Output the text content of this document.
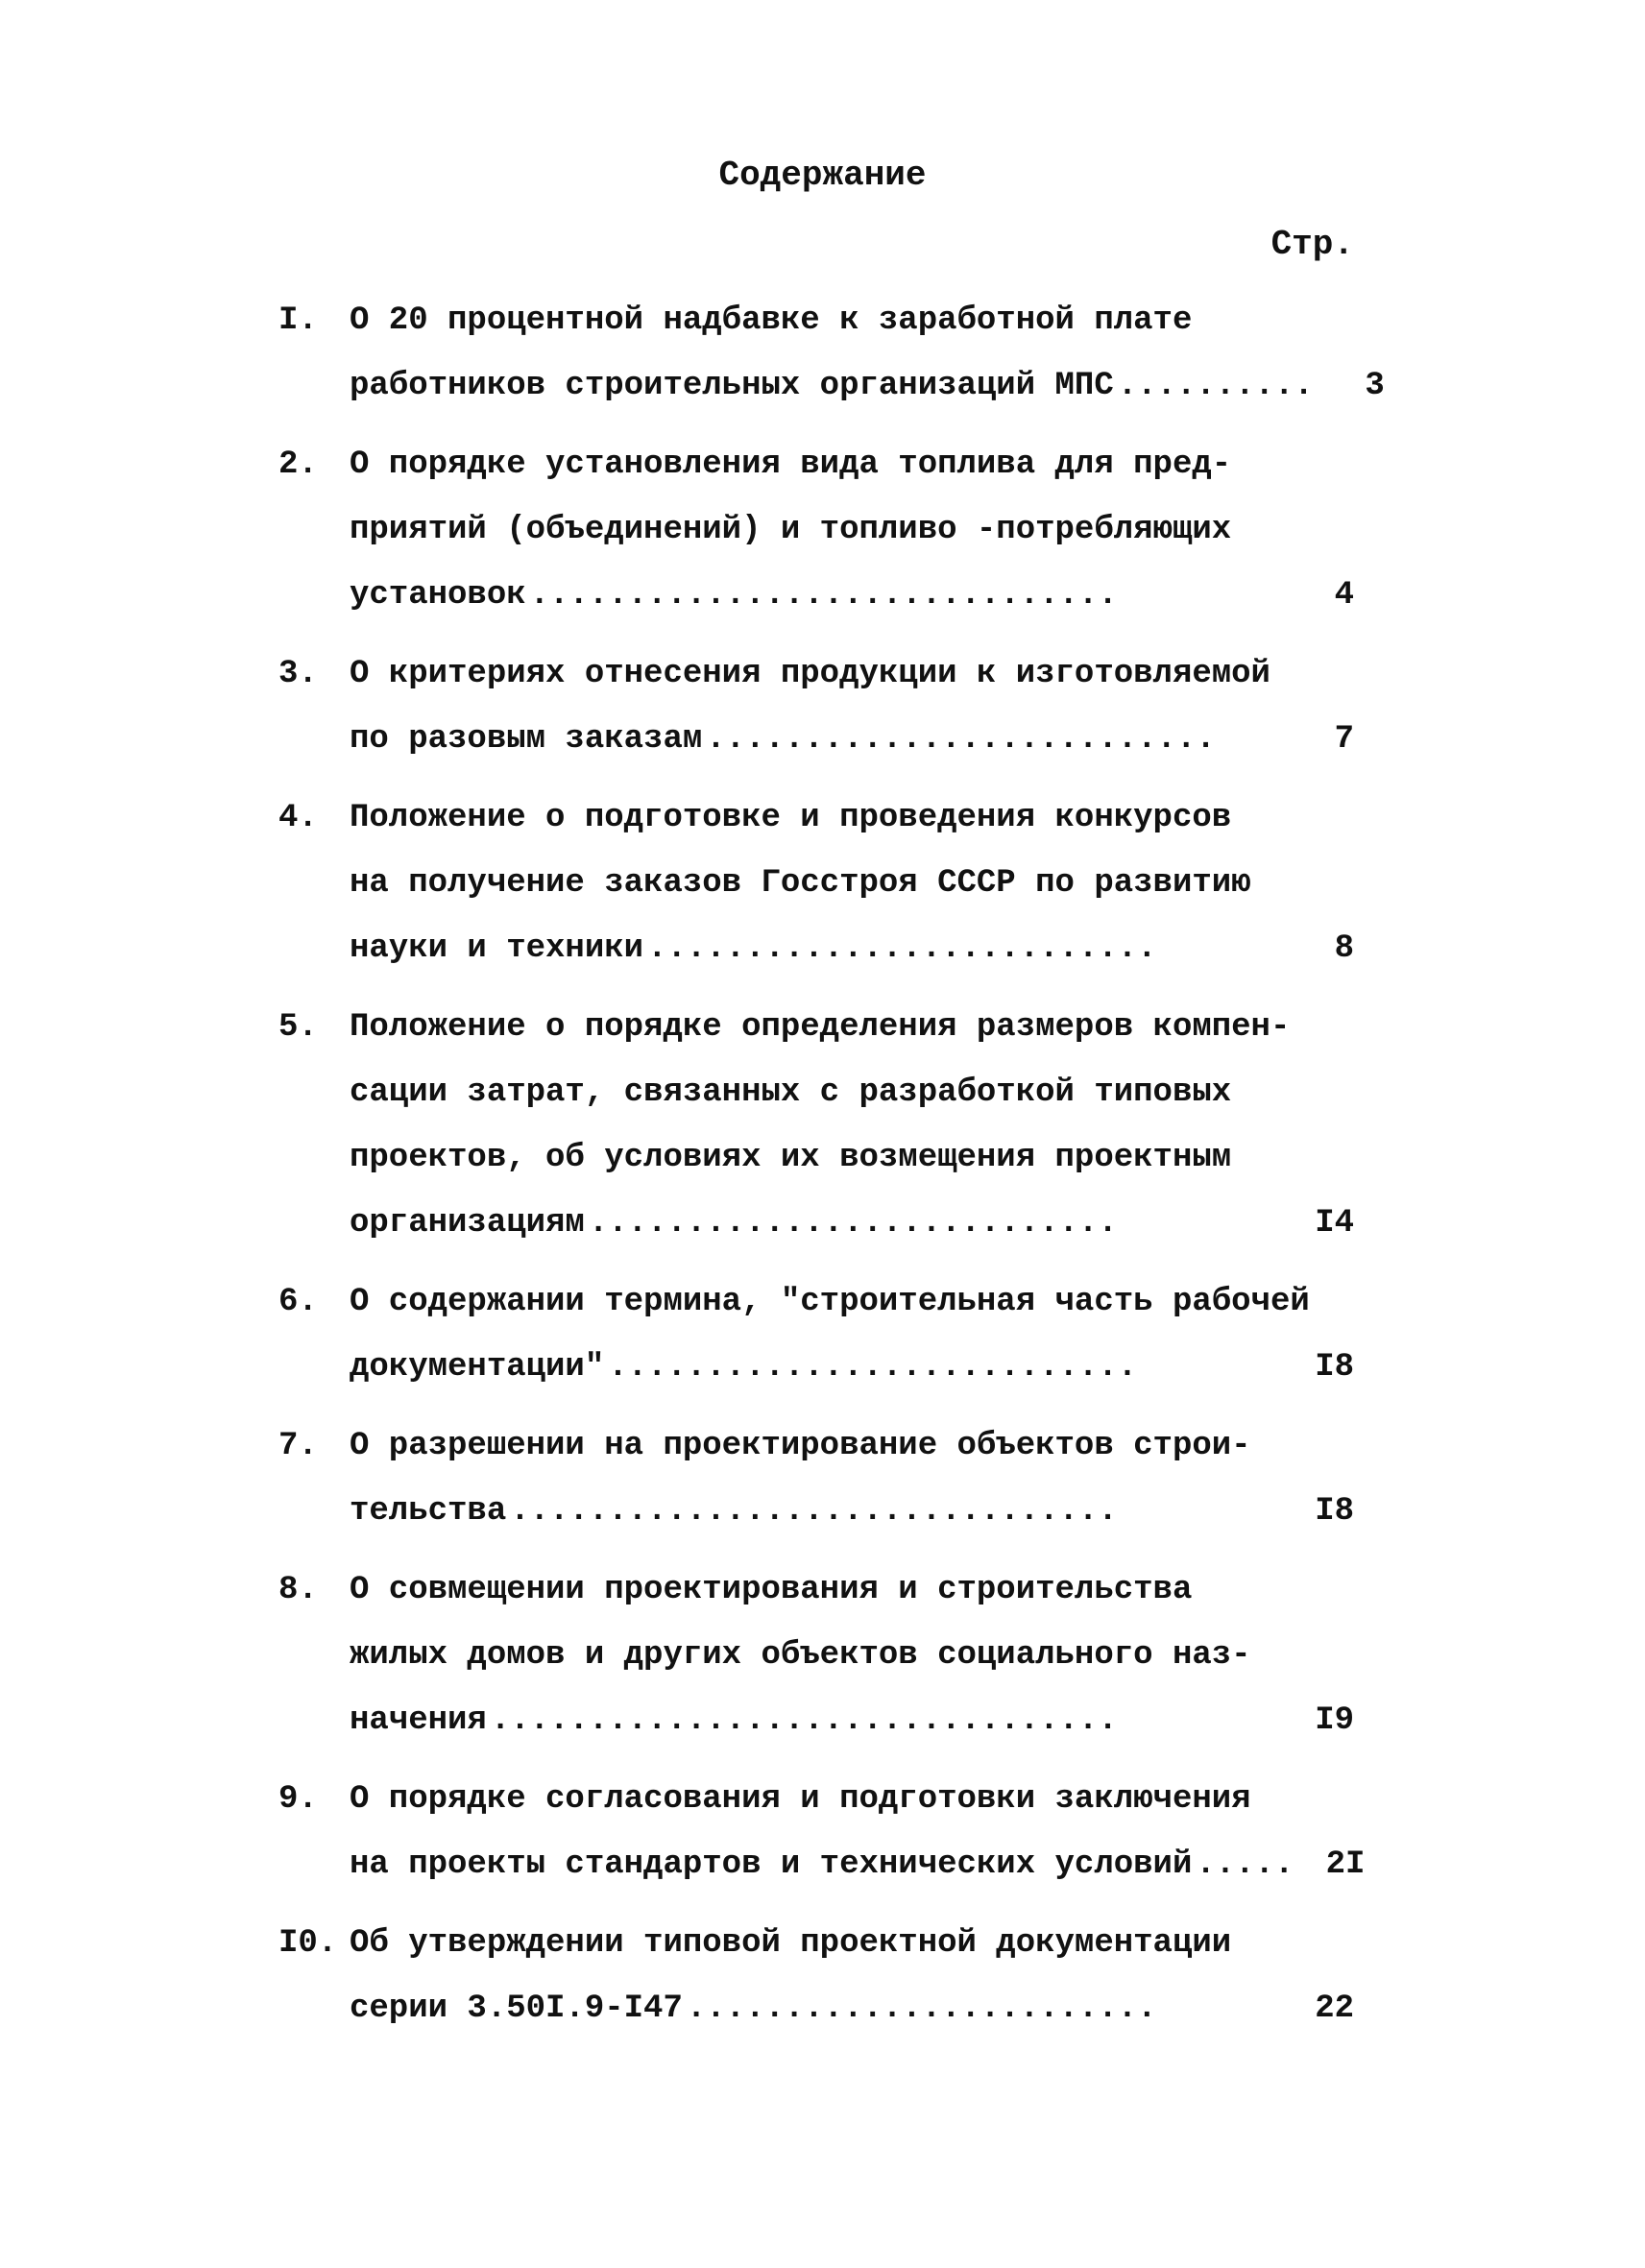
Содержание
Стр.
I. О 20 процентной надбавке к заработной плате
работников строительных организаций МПС ..........	3
2. О порядке установления вида топлива для пред-
приятий (объединений) и топливо -потребляющих
установок ..............................	4
3. О критериях отнесения продукции к изготовляемой
по разовым заказам ..........................	7
4. Положение о подготовке и проведения конкурсов
на получение заказов Госстроя СССР по развитию
науки и техники ..........................	8
5. Положение о порядке определения размеров компен-
сации затрат, связанных с разработкой типовых
проектов, об условиях их возмещения проектным
организациям ...........................	I4
6. О содержании термина, "строительная часть рабочей
документации" ...........................	I8
7. О разрешении на проектирование объектов строи-
тельства ...............................	I8
8. О совмещении проектирования и строительства
жилых домов и других объектов социального наз-
начения ................................	I9
9. О порядке согласования и подготовки заключения
на проекты стандартов и технических условий ..... 2I
I0. Об утверждении типовой проектной документации
серии 3.50I.9-I47 ........................	22
